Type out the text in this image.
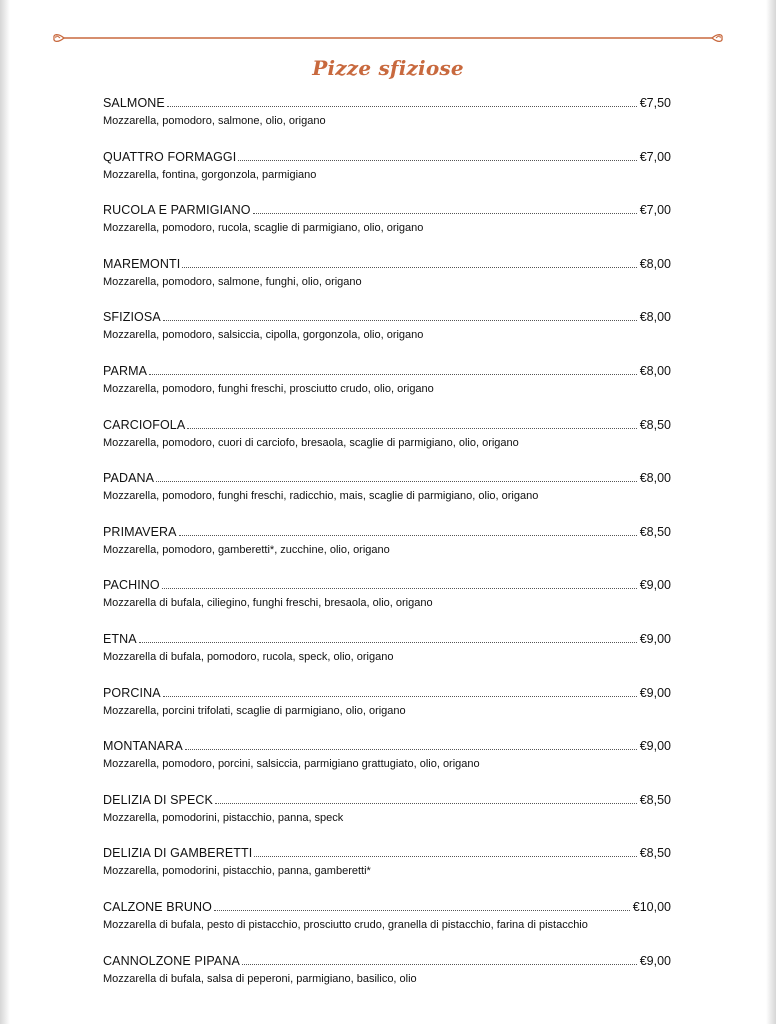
Pizze sfiziose
SALMONE	€7,50
Mozzarella, pomodoro, salmone, olio, origano
QUATTRO FORMAGGI	€7,00
Mozzarella, fontina, gorgonzola, parmigiano
RUCOLA E PARMIGIANO	€7,00
Mozzarella, pomodoro, rucola, scaglie di parmigiano, olio, origano
MAREMONTI	€8,00
Mozzarella, pomodoro, salmone, funghi, olio, origano
SFIZIOSA	€8,00
Mozzarella, pomodoro, salsiccia, cipolla, gorgonzola, olio, origano
PARMA	€8,00
Mozzarella, pomodoro, funghi freschi, prosciutto crudo, olio, origano
CARCIOFOLA	€8,50
Mozzarella, pomodoro, cuori di carciofo, bresaola, scaglie di parmigiano, olio, origano
PADANA	€8,00
Mozzarella, pomodoro, funghi freschi, radicchio, mais, scaglie di parmigiano, olio, origano
PRIMAVERA	€8,50
Mozzarella, pomodoro, gamberetti*, zucchine, olio, origano
PACHINO	€9,00
Mozzarella di bufala, ciliegino, funghi freschi, bresaola, olio, origano
ETNA	€9,00
Mozzarella di bufala, pomodoro, rucola, speck, olio, origano
PORCINA	€9,00
Mozzarella, porcini trifolati, scaglie di parmigiano, olio, origano
MONTANARA	€9,00
Mozzarella, pomodoro, porcini, salsiccia, parmigiano grattugiato, olio, origano
DELIZIA DI SPECK	€8,50
Mozzarella, pomodorini, pistacchio, panna, speck
DELIZIA DI GAMBERETTI	€8,50
Mozzarella, pomodorini, pistacchio, panna, gamberetti*
CALZONE BRUNO	€10,00
Mozzarella di bufala, pesto di pistacchio, prosciutto crudo, granella di pistacchio, farina di pistacchio
CANNOLZONE PIPANA	€9,00
Mozzarella di bufala, salsa di peperoni, parmigiano, basilico, olio
